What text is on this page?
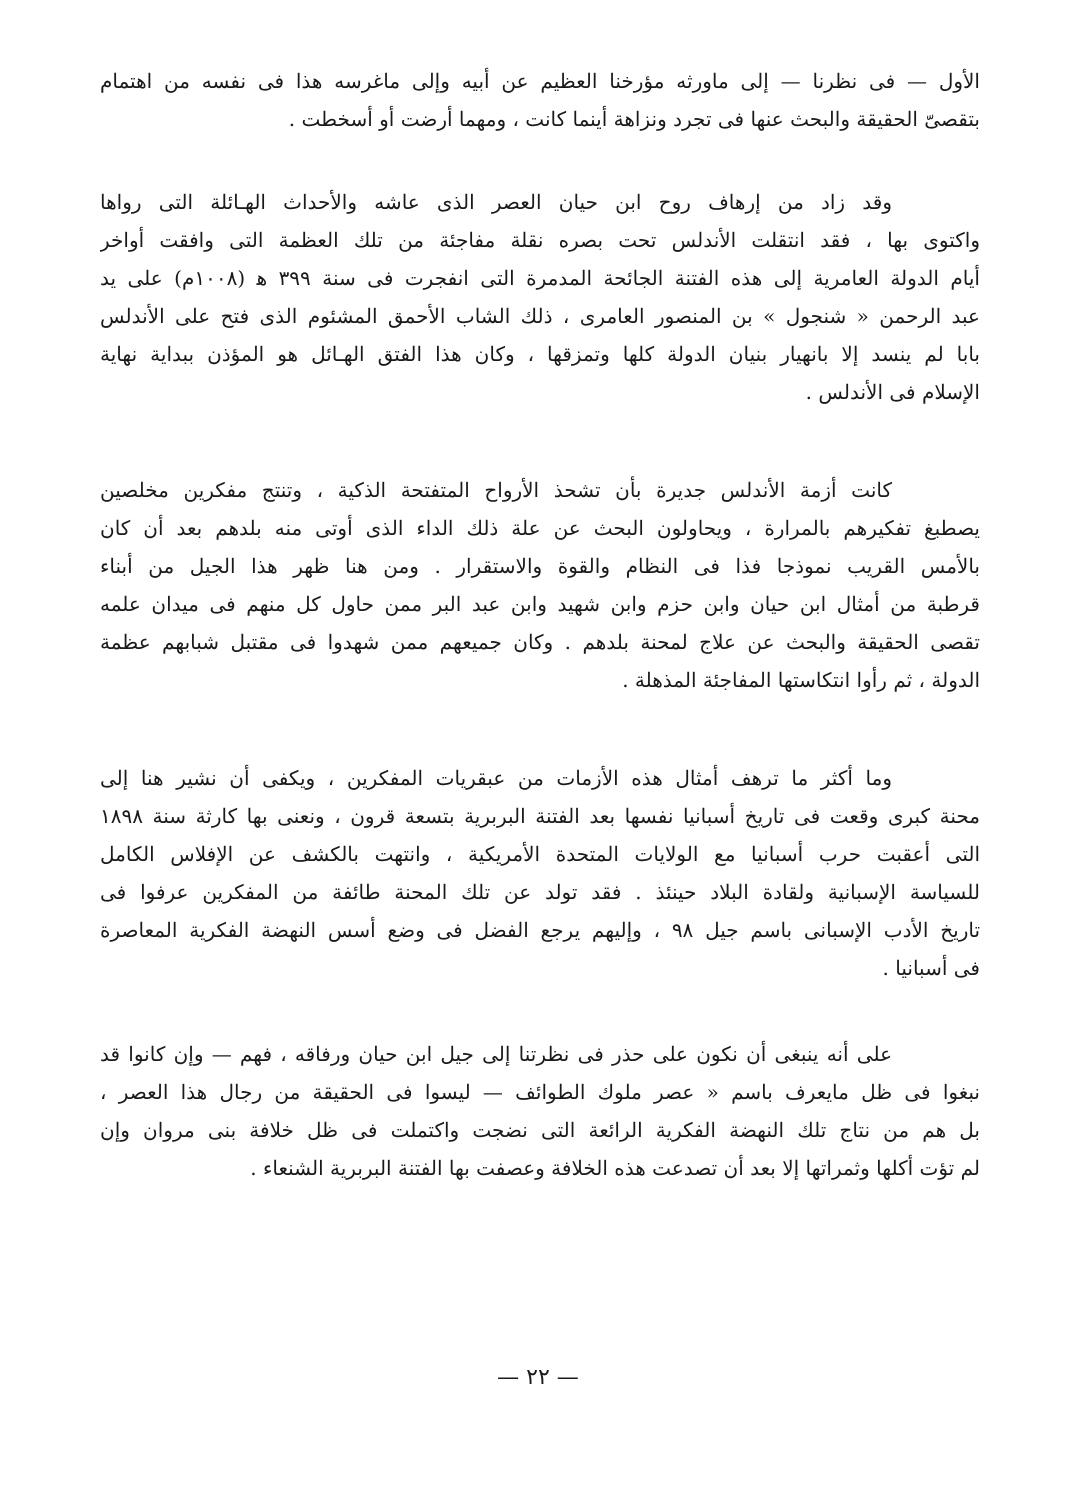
الأول — فى نظرنا — إلى ماورثه مؤرخنا العظيم عن أبيه وإلى ماغرسه هذا فى نفسه من اهتمام
بتقصىّ الحقيقة والبحث عنها فى تجرد ونزاهة أينما كانت ، ومهما أرضت أو أسخطت .

وقد زاد من إرهاف روح ابن حيان العصر الذى عاشه والأحداث الهـائلة التى رواها
واكتوى بها ، فقد انتقلت الأندلس تحت بصره نقلة مفاجئة من تلك العظمة التى وافقت أواخر
أيام الدولة العامرية إلى هذه الفتنة الجائحة المدمرة التى انفجرت فى سنة ٣٩٩ ﻫ (١٠٠٨م) على يد
عبد الرحمن « شنجول » بن المنصور العامرى ، ذلك الشاب الأحمق المشئوم الذى فتح على الأندلس
بابا لم ينسد إلا بانهيار بنيان الدولة كلها وتمزقها ، وكان هذا الفتق الهـائل هو المؤذن ببداية نهاية
الإسلام فى الأندلس .

كانت أزمة الأندلس جديرة بأن تشحذ الأرواح المتفتحة الذكية ، وتنتج مفكرين مخلصين
يصطبغ تفكيرهم بالمرارة ، ويحاولون البحث عن علة ذلك الداء الذى أوتى منه بلدهم بعد أن كان
بالأمس القريب نموذجا فذا فى النظام والقوة والاستقرار . ومن هنا ظهر هذا الجيل من أبناء
قرطبة من أمثال ابن حيان وابن حزم وابن شهيد وابن عبد البر ممن حاول كل منهم فى ميدان علمه
تقصى الحقيقة والبحث عن علاج لمحنة بلدهم . وكان جميعهم ممن شهدوا فى مقتبل شبابهم عظمة
الدولة ، ثم رأوا انتكاستها المفاجئة المذهلة .

وما أكثر ما ترهف أمثال هذه الأزمات من عبقريات المفكرين ، ويكفى أن نشير هنا إلى
محنة كبرى وقعت فى تاريخ أسبانيا نفسها بعد الفتنة البربرية بتسعة قرون ، ونعنى بها كارثة سنة ١٨٩٨
التى أعقبت حرب أسبانيا مع الولايات المتحدة الأمريكية ، وانتهت بالكشف عن الإفلاس الكامل
للسياسة الإسبانية ولقادة البلاد حينئذ . فقد تولد عن تلك المحنة طائفة من المفكرين عرفوا فى
تاريخ الأدب الإسبانى باسم جيل ٩٨ ، وإليهم يرجع الفضل فى وضع أسس النهضة الفكرية المعاصرة
فى أسبانيا .

على أنه ينبغى أن نكون على حذر فى نظرتنا إلى جيل ابن حيان ورفاقه ، فهم — وإن كانوا قد
نبغوا فى ظل مايعرف باسم « عصر ملوك الطوائف — ليسوا فى الحقيقة من رجال هذا العصر ،
بل هم من نتاج تلك النهضة الفكرية الرائعة التى نضجت واكتملت فى ظل خلافة بنى مروان وإن
لم تؤت أكلها وثمراتها إلا بعد أن تصدعت هذه الخلافة وعصفت بها الفتنة البربرية الشنعاء .

— ٢٢ —
